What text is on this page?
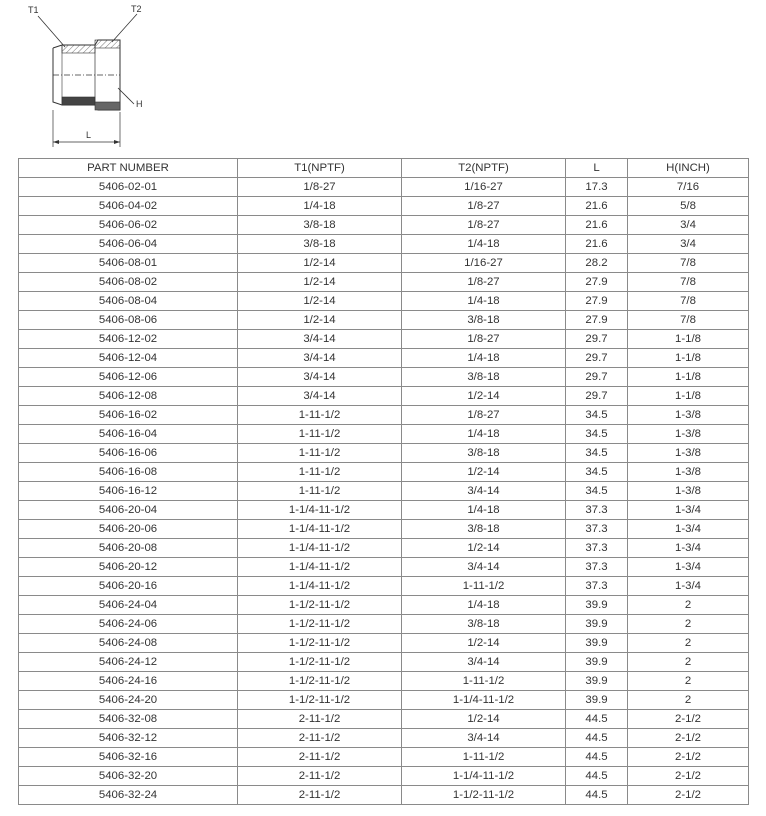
T1	T2
H
L
PART NUMBER	T1(NPTF)	T2(NPTF)	L	H(INCH)
5406-02-01	1/8-27	1/16-27	17.3	7/16
5406-04-02	1/4-18	1/8-27	21.6	5/8
5406-06-02	3/8-18	1/8-27	21.6	3/4
5406-06-04	3/8-18	1/4-18	21.6	3/4
5406-08-01	1/2-14	1/16-27	28.2	7/8
5406-08-02	1/2-14	1/8-27	27.9	7/8
5406-08-04	1/2-14	1/4-18	27.9	7/8
5406-08-06	1/2-14	3/8-18	27.9	7/8
5406-12-02	3/4-14	1/8-27	29.7	1-1/8
5406-12-04	3/4-14	1/4-18	29.7	1-1/8
5406-12-06	3/4-14	3/8-18	29.7	1-1/8
5406-12-08	3/4-14	1/2-14	29.7	1-1/8
5406-16-02	1-11-1/2	1/8-27	34.5	1-3/8
5406-16-04	1-11-1/2	1/4-18	34.5	1-3/8
5406-16-06	1-11-1/2	3/8-18	34.5	1-3/8
5406-16-08	1-11-1/2	1/2-14	34.5	1-3/8
5406-16-12	1-11-1/2	3/4-14	34.5	1-3/8
5406-20-04	1-1/4-11-1/2	1/4-18	37.3	1-3/4
5406-20-06	1-1/4-11-1/2	3/8-18	37.3	1-3/4
5406-20-08	1-1/4-11-1/2	1/2-14	37.3	1-3/4
5406-20-12	1-1/4-11-1/2	3/4-14	37.3	1-3/4
5406-20-16	1-1/4-11-1/2	1-11-1/2	37.3	1-3/4
5406-24-04	1-1/2-11-1/2	1/4-18	39.9	2
5406-24-06	1-1/2-11-1/2	3/8-18	39.9	2
5406-24-08	1-1/2-11-1/2	1/2-14	39.9	2
5406-24-12	1-1/2-11-1/2	3/4-14	39.9	2
5406-24-16	1-1/2-11-1/2	1-11-1/2	39.9	2
5406-24-20	1-1/2-11-1/2	1-1/4-11-1/2	39.9	2
5406-32-08	2-11-1/2	1/2-14	44.5	2-1/2
5406-32-12	2-11-1/2	3/4-14	44.5	2-1/2
5406-32-16	2-11-1/2	1-11-1/2	44.5	2-1/2
5406-32-20	2-11-1/2	1-1/4-11-1/2	44.5	2-1/2
5406-32-24	2-11-1/2	1-1/2-11-1/2	44.5	2-1/2
